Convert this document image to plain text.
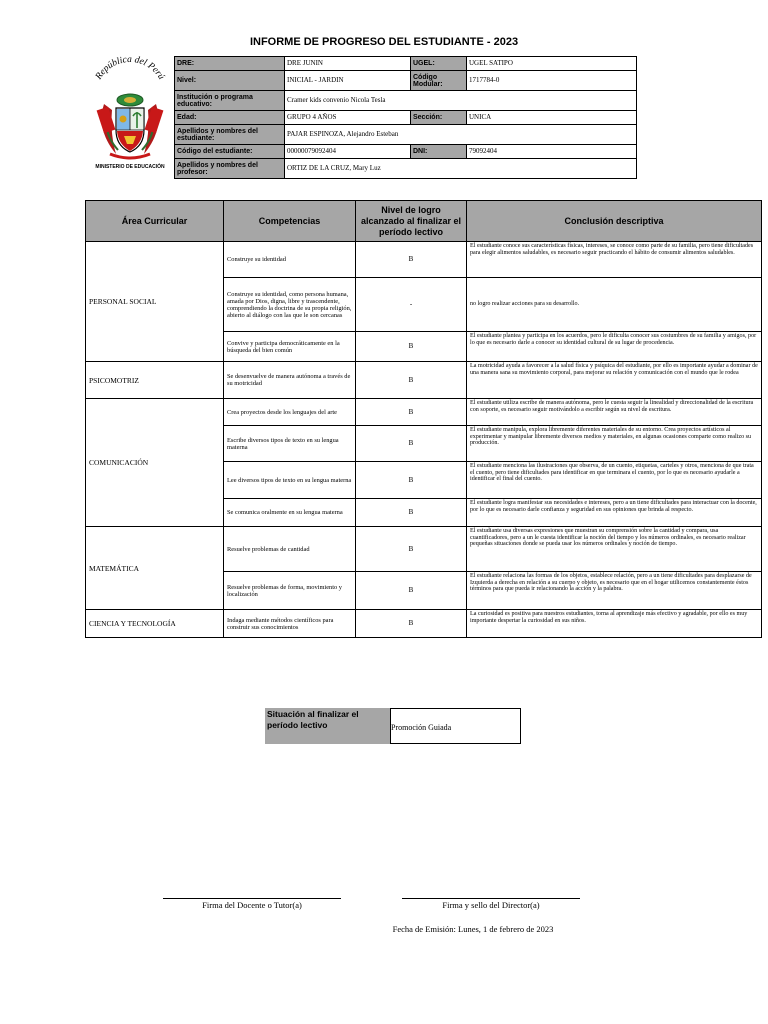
INFORME DE PROGRESO DEL ESTUDIANTE - 2023
República del Perú
MINISTERIO DE EDUCACIÓN
DRE:	DRE JUNIN	UGEL:	UGEL SATIPO
Nivel:	INICIAL - JARDIN	Código Modular:	1717784-0
Institución o programa educativo:	Cramer kids convenio Nicola Tesla		
Edad:	GRUPO 4 AÑOS	Sección:	UNICA
Apellidos y nombres del estudiante:	PAJAR ESPINOZA, Alejandro Esteban		
Código del estudiante:	00000079092404	DNI:	79092404
Apellidos y nombres del profesor:	ORTIZ DE LA CRUZ, Mary Luz		
Área Curricular	Competencias	Nivel de logro alcanzado al finalizar el período lectivo	Conclusión descriptiva
PERSONAL SOCIAL	Construye su identidad	B	El estudiante conoce sus características físicas, intereses, se conoce como parte de su familia, pero tiene dificultades para elegir alimentos saludables, es necesario seguir practicando el hábito de consumir alimentos saludables.
	Construye su identidad, como persona humana, amada por Dios, digna, libre y trascendente, comprendiendo la doctrina de su propia religión, abierto al diálogo con las que le son cercanas	-	no logro realizar acciones para su desarrollo.
	Convive y participa democráticamente en la búsqueda del bien común	B	El estudiante plantea y participa en los acuerdos, pero le dificulta conocer sus costumbres de su familia y amigos, por lo que es necesario darle a conocer su identidad cultural de su lugar de procedencia.
PSICOMOTRIZ	Se desenvuelve de manera autónoma a través de su motricidad	B	La motricidad ayuda a favorecer a la salud física y psíquica del estudiante, por ello es importante ayudar a dominar de una manera sana su movimiento corporal, para mejorar su relación y comunicación con el mundo que le rodea
COMUNICACIÓN	Crea proyectos desde los lenguajes del arte	B	El estudiante utiliza escribe de manera autónoma, pero le cuesta seguir la linealidad y direccionalidad de la escritura con soporte, es necesario seguir motivándolo a escribir según su nivel de escritura.
	Escribe diversos tipos de texto en su lengua materna	B	El estudiante manipula, explora libremente diferentes materiales de su entorno. Crea proyectos artísticos al experimentar y manipular libremente diversos medios y materiales, en algunas ocasiones comparte como realizo su producción.
	Lee diversos tipos de texto en su lengua materna	B	El estudiante menciona las ilustraciones que observa, de un cuento, etiquetas, carteles y otros, menciona de que trata el cuento, pero tiene dificultades para identificar en que terminara el cuento, por lo que es necesario ayudarle a identificar el final del cuento.
	Se comunica oralmente en su lengua materna	B	El estudiante logra manifestar sus necesidades e intereses, pero a un tiene dificultades para interactuar con la docente, por lo que es necesario darle confianza y seguridad en sus opiniones que brinda al respecto.
MATEMÁTICA	Resuelve problemas de cantidad	B	El estudiante usa diversas expresiones que muestran su comprensión sobre la cantidad y compara, usa cuantificadores, pero a un le cuesta identificar la noción del tiempo y los números ordinales, es necesario realizar pequeñas situaciones donde se pueda usar los números ordinales y noción de tiempo.
	Resuelve problemas de forma, movimiento y localización	B	El estudiante relaciona las formas de los objetos, establece relación, pero a un tiene dificultades para desplazarse de Izquierda a derecha en relación a su cuerpo y objeto, es necesario que en el hogar utilicemos constantemente éstos términos para que pueda ir relacionando la acción y la palabra.
CIENCIA Y TECNOLOGÍA	Indaga mediante métodos científicos para construir sus conocimientos	B	La curiosidad es positiva para nuestros estudiantes, torna al aprendizaje más efectivo y agradable, por ello es muy importante despertar la curiosidad en sus niños.
Situación al finalizar el período lectivo	Promoción Guiada
Firma del Docente o Tutor(a)	Firma y sello del Director(a)
Fecha de Emisión: Lunes, 1 de febrero de 2023
